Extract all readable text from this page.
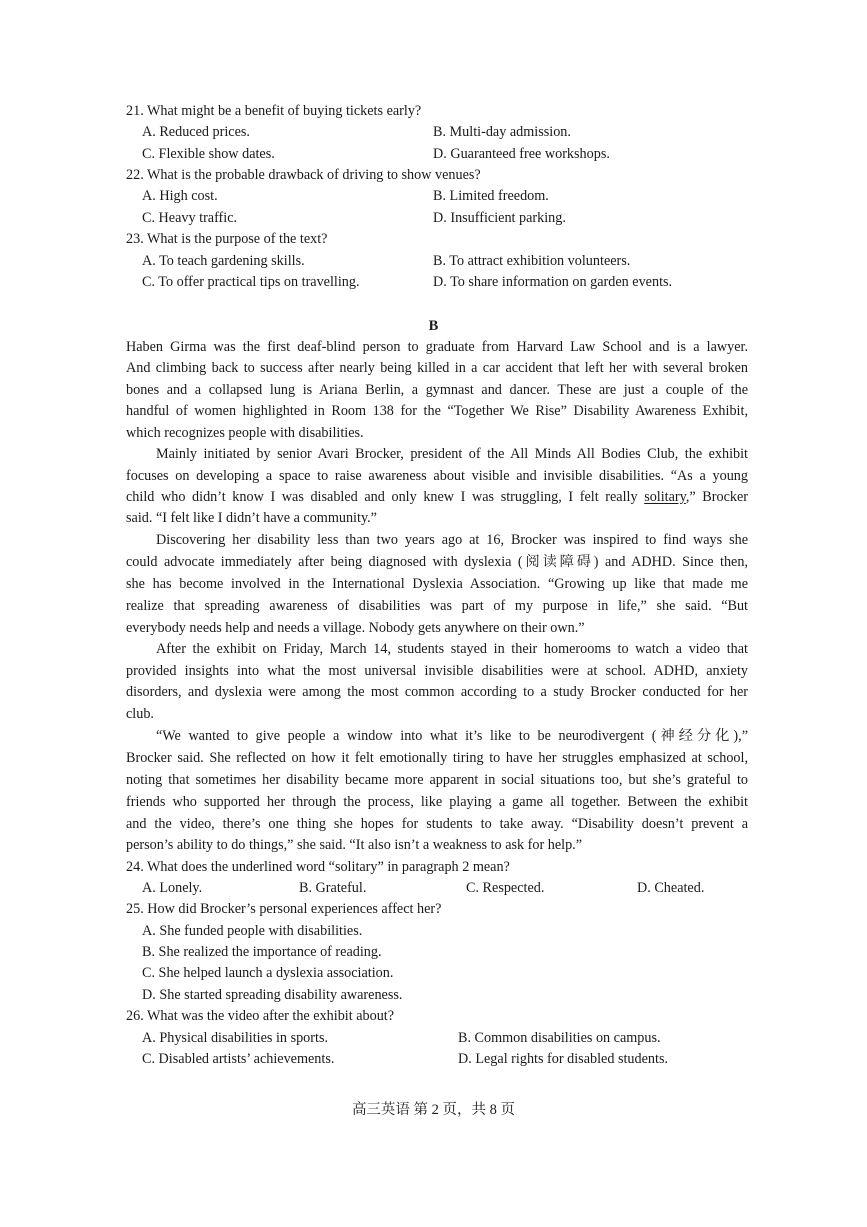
21. What might be a benefit of buying tickets early?
A. Reduced prices.	B. Multi-day admission.
C. Flexible show dates.	D. Guaranteed free workshops.
22. What is the probable drawback of driving to show venues?
A. High cost.	B. Limited freedom.
C. Heavy traffic.	D. Insufficient parking.
23. What is the purpose of the text?
A. To teach gardening skills.	B. To attract exhibition volunteers.
C. To offer practical tips on travelling.	D. To share information on garden events.
B
Haben Girma was the first deaf-blind person to graduate from Harvard Law School and is a lawyer.
And climbing back to success after nearly being killed in a car accident that left her with several broken
bones and a collapsed lung is Ariana Berlin, a gymnast and dancer. These are just a couple of the
handful of women highlighted in Room 138 for the “Together We Rise” Disability Awareness Exhibit,
which recognizes people with disabilities.
Mainly initiated by senior Avari Brocker, president of the All Minds All Bodies Club, the exhibit
focuses on developing a space to raise awareness about visible and invisible disabilities. “As a young
child who didn’t know I was disabled and only knew I was struggling, I felt really solitary,” Brocker
said. “I felt like I didn’t have a community.”
Discovering her disability less than two years ago at 16, Brocker was inspired to find ways she
could advocate immediately after being diagnosed with dyslexia (阅读障碍) and ADHD. Since then,
she has become involved in the International Dyslexia Association. “Growing up like that made me
realize that spreading awareness of disabilities was part of my purpose in life,” she said. “But
everybody needs help and needs a village. Nobody gets anywhere on their own.”
After the exhibit on Friday, March 14, students stayed in their homerooms to watch a video that
provided insights into what the most universal invisible disabilities were at school. ADHD, anxiety
disorders, and dyslexia were among the most common according to a study Brocker conducted for her
club.
“We wanted to give people a window into what it’s like to be neurodivergent (神经分化),”
Brocker said. She reflected on how it felt emotionally tiring to have her struggles emphasized at school,
noting that sometimes her disability became more apparent in social situations too, but she’s grateful to
friends who supported her through the process, like playing a game all together. Between the exhibit
and the video, there’s one thing she hopes for students to take away. “Disability doesn’t prevent a
person’s ability to do things,” she said. “It also isn’t a weakness to ask for help.”
24. What does the underlined word “solitary” in paragraph 2 mean?
A. Lonely.	B. Grateful.	C. Respected.	D. Cheated.
25. How did Brocker’s personal experiences affect her?
A. She funded people with disabilities.
B. She realized the importance of reading.
C. She helped launch a dyslexia association.
D. She started spreading disability awareness.
26. What was the video after the exhibit about?
A. Physical disabilities in sports.	B. Common disabilities on campus.
C. Disabled artists’ achievements.	D. Legal rights for disabled students.
高三英语 第 2 页，共 8 页
